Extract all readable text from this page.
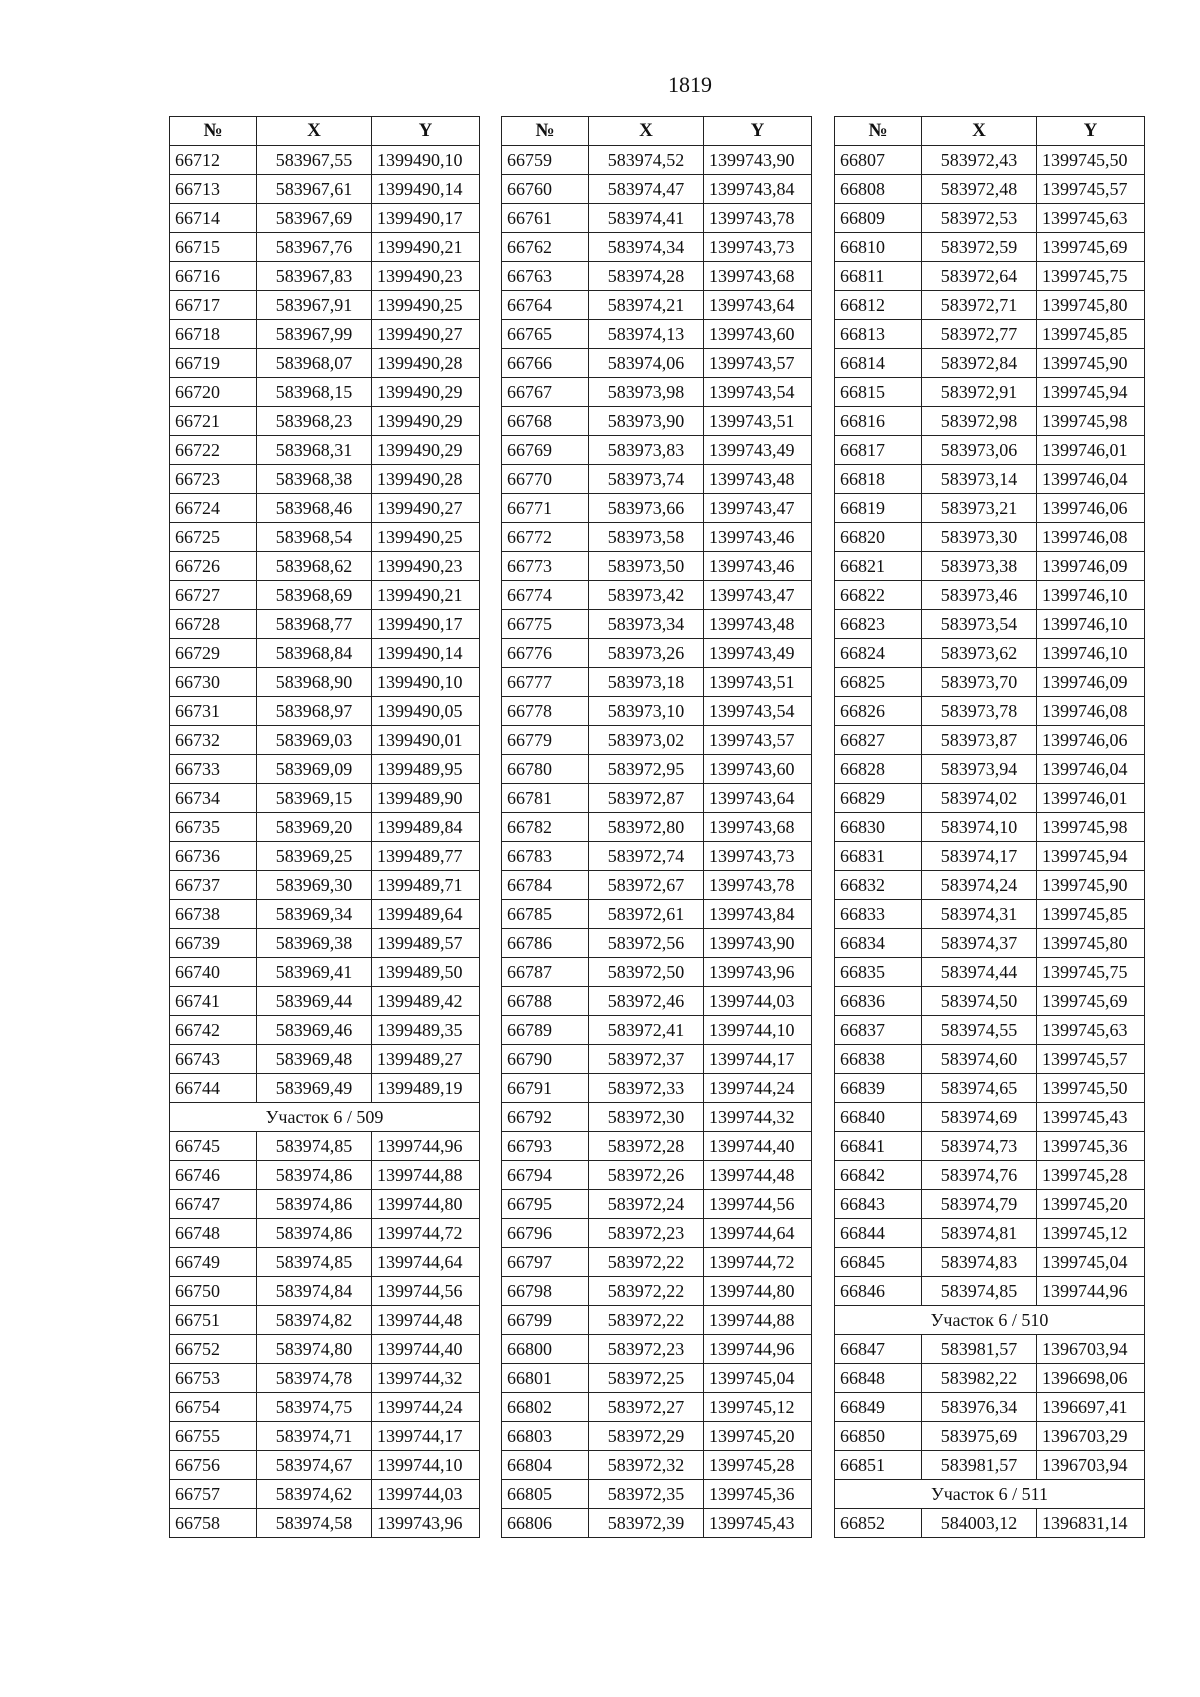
1819
№	X	Y
66712	583967,55	1399490,10
66713	583967,61	1399490,14
66714	583967,69	1399490,17
66715	583967,76	1399490,21
66716	583967,83	1399490,23
66717	583967,91	1399490,25
66718	583967,99	1399490,27
66719	583968,07	1399490,28
66720	583968,15	1399490,29
66721	583968,23	1399490,29
66722	583968,31	1399490,29
66723	583968,38	1399490,28
66724	583968,46	1399490,27
66725	583968,54	1399490,25
66726	583968,62	1399490,23
66727	583968,69	1399490,21
66728	583968,77	1399490,17
66729	583968,84	1399490,14
66730	583968,90	1399490,10
66731	583968,97	1399490,05
66732	583969,03	1399490,01
66733	583969,09	1399489,95
66734	583969,15	1399489,90
66735	583969,20	1399489,84
66736	583969,25	1399489,77
66737	583969,30	1399489,71
66738	583969,34	1399489,64
66739	583969,38	1399489,57
66740	583969,41	1399489,50
66741	583969,44	1399489,42
66742	583969,46	1399489,35
66743	583969,48	1399489,27
66744	583969,49	1399489,19
Участок 6 / 509		
66745	583974,85	1399744,96
66746	583974,86	1399744,88
66747	583974,86	1399744,80
66748	583974,86	1399744,72
66749	583974,85	1399744,64
66750	583974,84	1399744,56
66751	583974,82	1399744,48
66752	583974,80	1399744,40
66753	583974,78	1399744,32
66754	583974,75	1399744,24
66755	583974,71	1399744,17
66756	583974,67	1399744,10
66757	583974,62	1399744,03
66758	583974,58	1399743,96
№	X	Y
66759	583974,52	1399743,90
66760	583974,47	1399743,84
66761	583974,41	1399743,78
66762	583974,34	1399743,73
66763	583974,28	1399743,68
66764	583974,21	1399743,64
66765	583974,13	1399743,60
66766	583974,06	1399743,57
66767	583973,98	1399743,54
66768	583973,90	1399743,51
66769	583973,83	1399743,49
66770	583973,74	1399743,48
66771	583973,66	1399743,47
66772	583973,58	1399743,46
66773	583973,50	1399743,46
66774	583973,42	1399743,47
66775	583973,34	1399743,48
66776	583973,26	1399743,49
66777	583973,18	1399743,51
66778	583973,10	1399743,54
66779	583973,02	1399743,57
66780	583972,95	1399743,60
66781	583972,87	1399743,64
66782	583972,80	1399743,68
66783	583972,74	1399743,73
66784	583972,67	1399743,78
66785	583972,61	1399743,84
66786	583972,56	1399743,90
66787	583972,50	1399743,96
66788	583972,46	1399744,03
66789	583972,41	1399744,10
66790	583972,37	1399744,17
66791	583972,33	1399744,24
66792	583972,30	1399744,32
66793	583972,28	1399744,40
66794	583972,26	1399744,48
66795	583972,24	1399744,56
66796	583972,23	1399744,64
66797	583972,22	1399744,72
66798	583972,22	1399744,80
66799	583972,22	1399744,88
66800	583972,23	1399744,96
66801	583972,25	1399745,04
66802	583972,27	1399745,12
66803	583972,29	1399745,20
66804	583972,32	1399745,28
66805	583972,35	1399745,36
66806	583972,39	1399745,43
№	X	Y
66807	583972,43	1399745,50
66808	583972,48	1399745,57
66809	583972,53	1399745,63
66810	583972,59	1399745,69
66811	583972,64	1399745,75
66812	583972,71	1399745,80
66813	583972,77	1399745,85
66814	583972,84	1399745,90
66815	583972,91	1399745,94
66816	583972,98	1399745,98
66817	583973,06	1399746,01
66818	583973,14	1399746,04
66819	583973,21	1399746,06
66820	583973,30	1399746,08
66821	583973,38	1399746,09
66822	583973,46	1399746,10
66823	583973,54	1399746,10
66824	583973,62	1399746,10
66825	583973,70	1399746,09
66826	583973,78	1399746,08
66827	583973,87	1399746,06
66828	583973,94	1399746,04
66829	583974,02	1399746,01
66830	583974,10	1399745,98
66831	583974,17	1399745,94
66832	583974,24	1399745,90
66833	583974,31	1399745,85
66834	583974,37	1399745,80
66835	583974,44	1399745,75
66836	583974,50	1399745,69
66837	583974,55	1399745,63
66838	583974,60	1399745,57
66839	583974,65	1399745,50
66840	583974,69	1399745,43
66841	583974,73	1399745,36
66842	583974,76	1399745,28
66843	583974,79	1399745,20
66844	583974,81	1399745,12
66845	583974,83	1399745,04
66846	583974,85	1399744,96
Участок 6 / 510		
66847	583981,57	1396703,94
66848	583982,22	1396698,06
66849	583976,34	1396697,41
66850	583975,69	1396703,29
66851	583981,57	1396703,94
Участок 6 / 511		
66852	584003,12	1396831,14
